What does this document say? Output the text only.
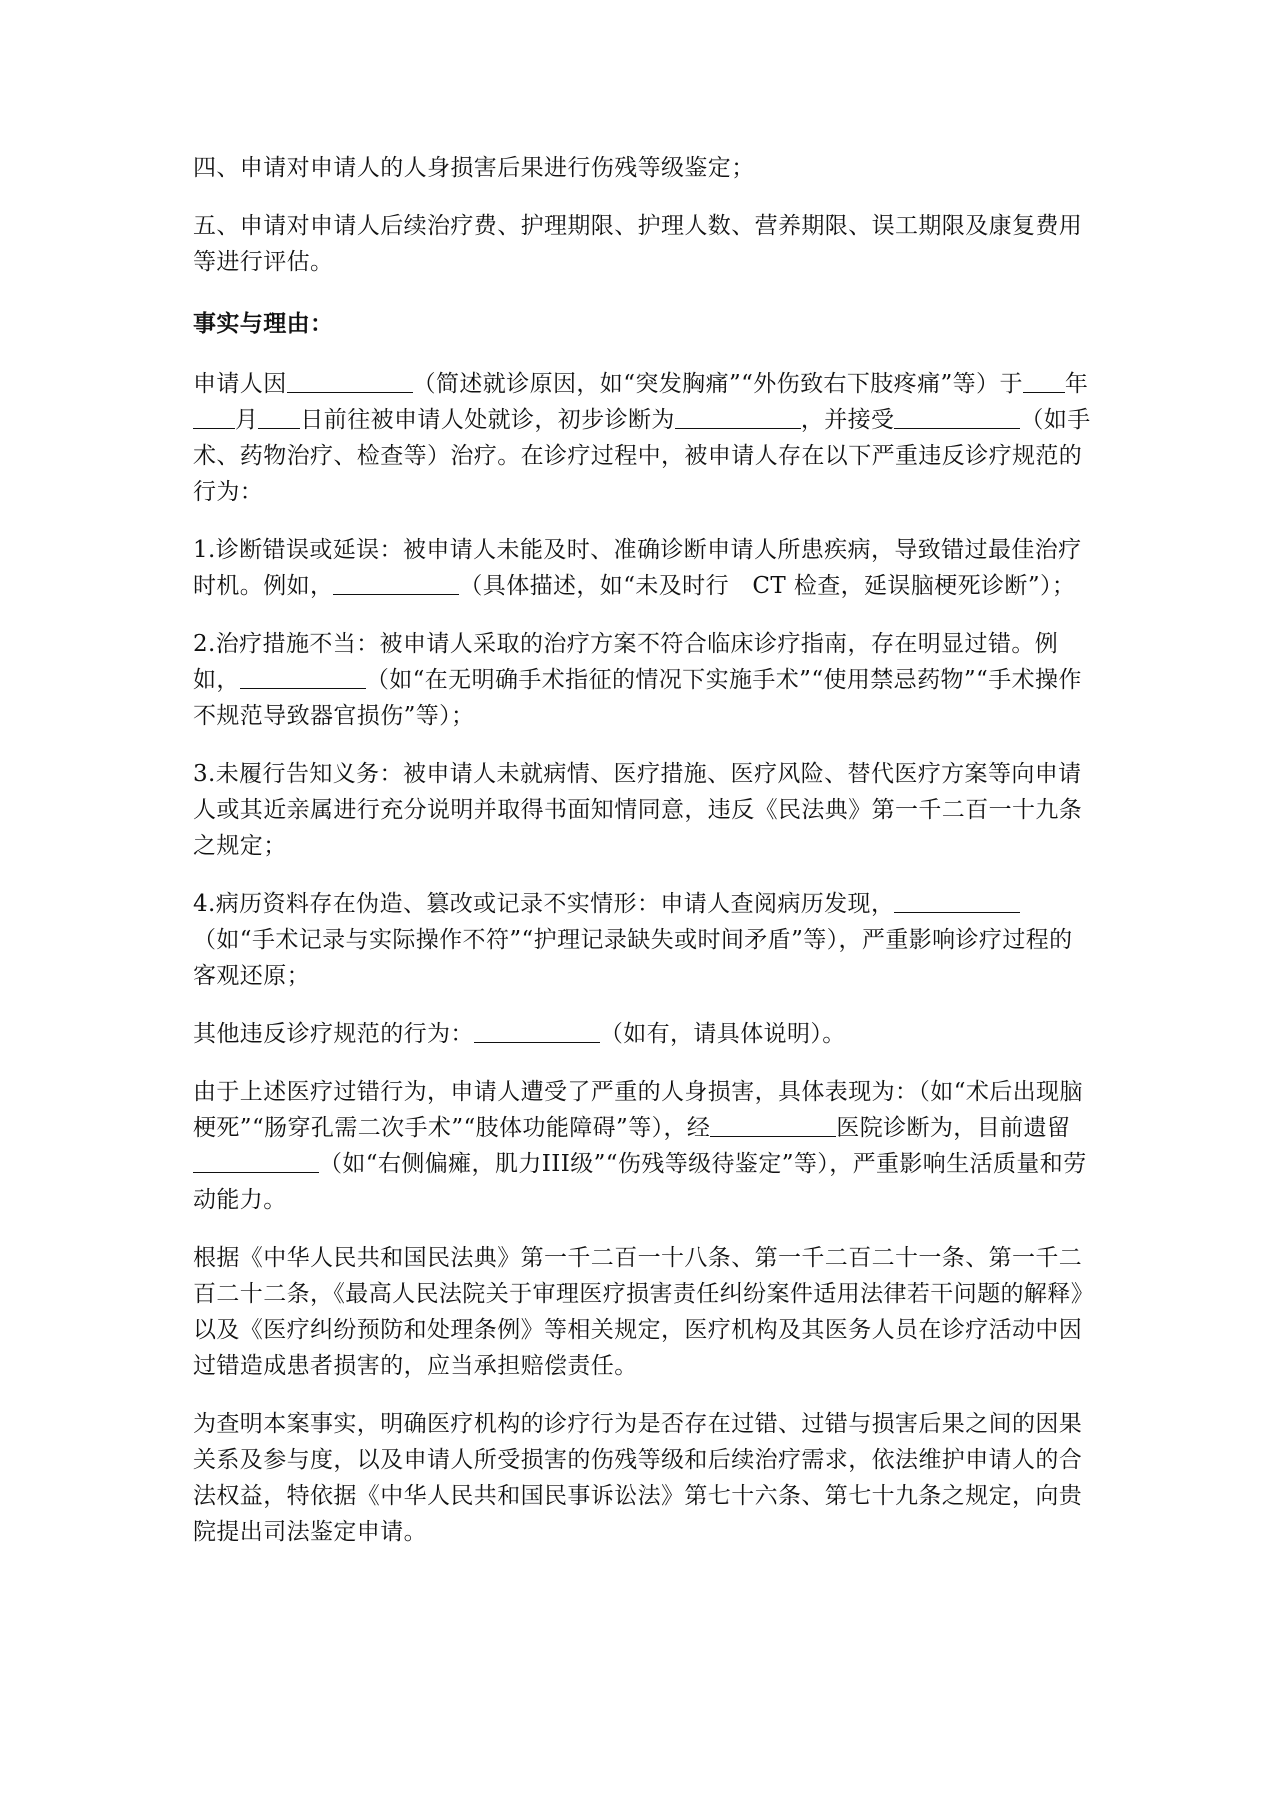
四、申请对申请人的人身损害后果进行伤残等级鉴定；

五、申请对申请人后续治疗费、护理期限、护理人数、营养期限、误工期限及康复费用等进行评估。

事实与理由：

申请人因	（简述就诊原因，如“突发胸痛”“外伤致右下肢疼痛”等）于 年月 日前往被申请人处就诊，初步诊断为	，并接受	（如手术、药物治疗、检查等）治疗。在诊疗过程中，被申请人存在以下严重违反诊疗规范的行为：

1.诊断错误或延误：被申请人未能及时、准确诊断申请人所患疾病，导致错过最佳治疗时机。例如，	（具体描述，如“未及时行　CT 检查，延误脑梗死诊断”）；

2.治疗措施不当：被申请人采取的治疗方案不符合临床诊疗指南，存在明显过错。例如，	（如“在无明确手术指征的情况下实施手术”“使用禁忌药物”“手术操作不规范导致器官损伤”等）；

3.未履行告知义务：被申请人未就病情、医疗措施、医疗风险、替代医疗方案等向申请人或其近亲属进行充分说明并取得书面知情同意，违反《民法典》第一千二百一十九条之规定；

4.病历资料存在伪造、篡改或记录不实情形：申请人查阅病历发现，（如“手术记录与实际操作不符”“护理记录缺失或时间矛盾”等），严重影响诊疗过程的客观还原；

其他违反诊疗规范的行为：	（如有，请具体说明）。

由于上述医疗过错行为，申请人遭受了严重的人身损害，具体表现为：（如“术后出现脑梗死”“肠穿孔需二次手术”“肢体功能障碍”等），经	医院诊断为，目前遗留（如“右侧偏瘫，肌力III级”“伤残等级待鉴定”等），严重影响生活质量和劳动能力。

根据《中华人民共和国民法典》第一千二百一十八条、第一千二百二十一条、第一千二百二十二条，《最高人民法院关于审理医疗损害责任纠纷案件适用法律若干问题的解释》以及《医疗纠纷预防和处理条例》等相关规定，医疗机构及其医务人员在诊疗活动中因过错造成患者损害的，应当承担赔偿责任。

为查明本案事实，明确医疗机构的诊疗行为是否存在过错、过错与损害后果之间的因果关系及参与度，以及申请人所受损害的伤残等级和后续治疗需求，依法维护申请人的合法权益，特依据《中华人民共和国民事诉讼法》第七十六条、第七十九条之规定，向贵院提出司法鉴定申请。
